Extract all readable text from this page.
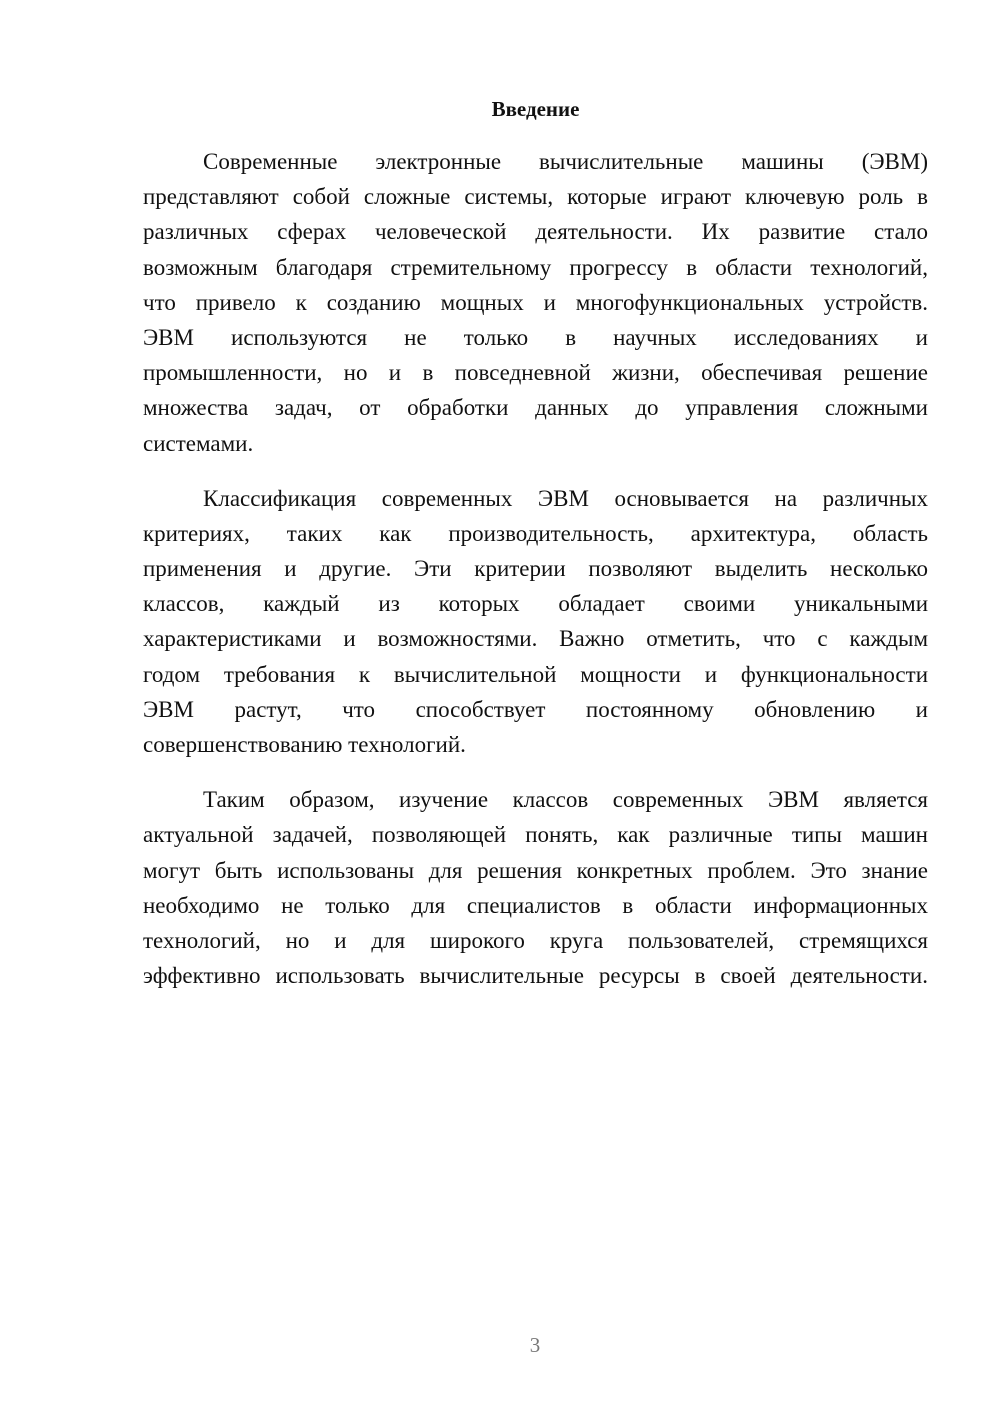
Введение
Современные электронные вычислительные машины (ЭВМ)
представляют собой сложные системы, которые играют ключевую роль в
различных сферах человеческой деятельности. Их развитие стало
возможным благодаря стремительному прогрессу в области технологий,
что привело к созданию мощных и многофункциональных устройств.
ЭВМ используются не только в научных исследованиях и
промышленности, но и в повседневной жизни, обеспечивая решение
множества задач, от обработки данных до управления сложными
системами.
Классификация современных ЭВМ основывается на различных
критериях, таких как производительность, архитектура, область
применения и другие. Эти критерии позволяют выделить несколько
классов, каждый из которых обладает своими уникальными
характеристиками и возможностями. Важно отметить, что с каждым
годом требования к вычислительной мощности и функциональности
ЭВМ растут, что способствует постоянному обновлению и
совершенствованию технологий.
Таким образом, изучение классов современных ЭВМ является
актуальной задачей, позволяющей понять, как различные типы машин
могут быть использованы для решения конкретных проблем. Это знание
необходимо не только для специалистов в области информационных
технологий, но и для широкого круга пользователей, стремящихся
эффективно использовать вычислительные ресурсы в своей деятельности.
3
